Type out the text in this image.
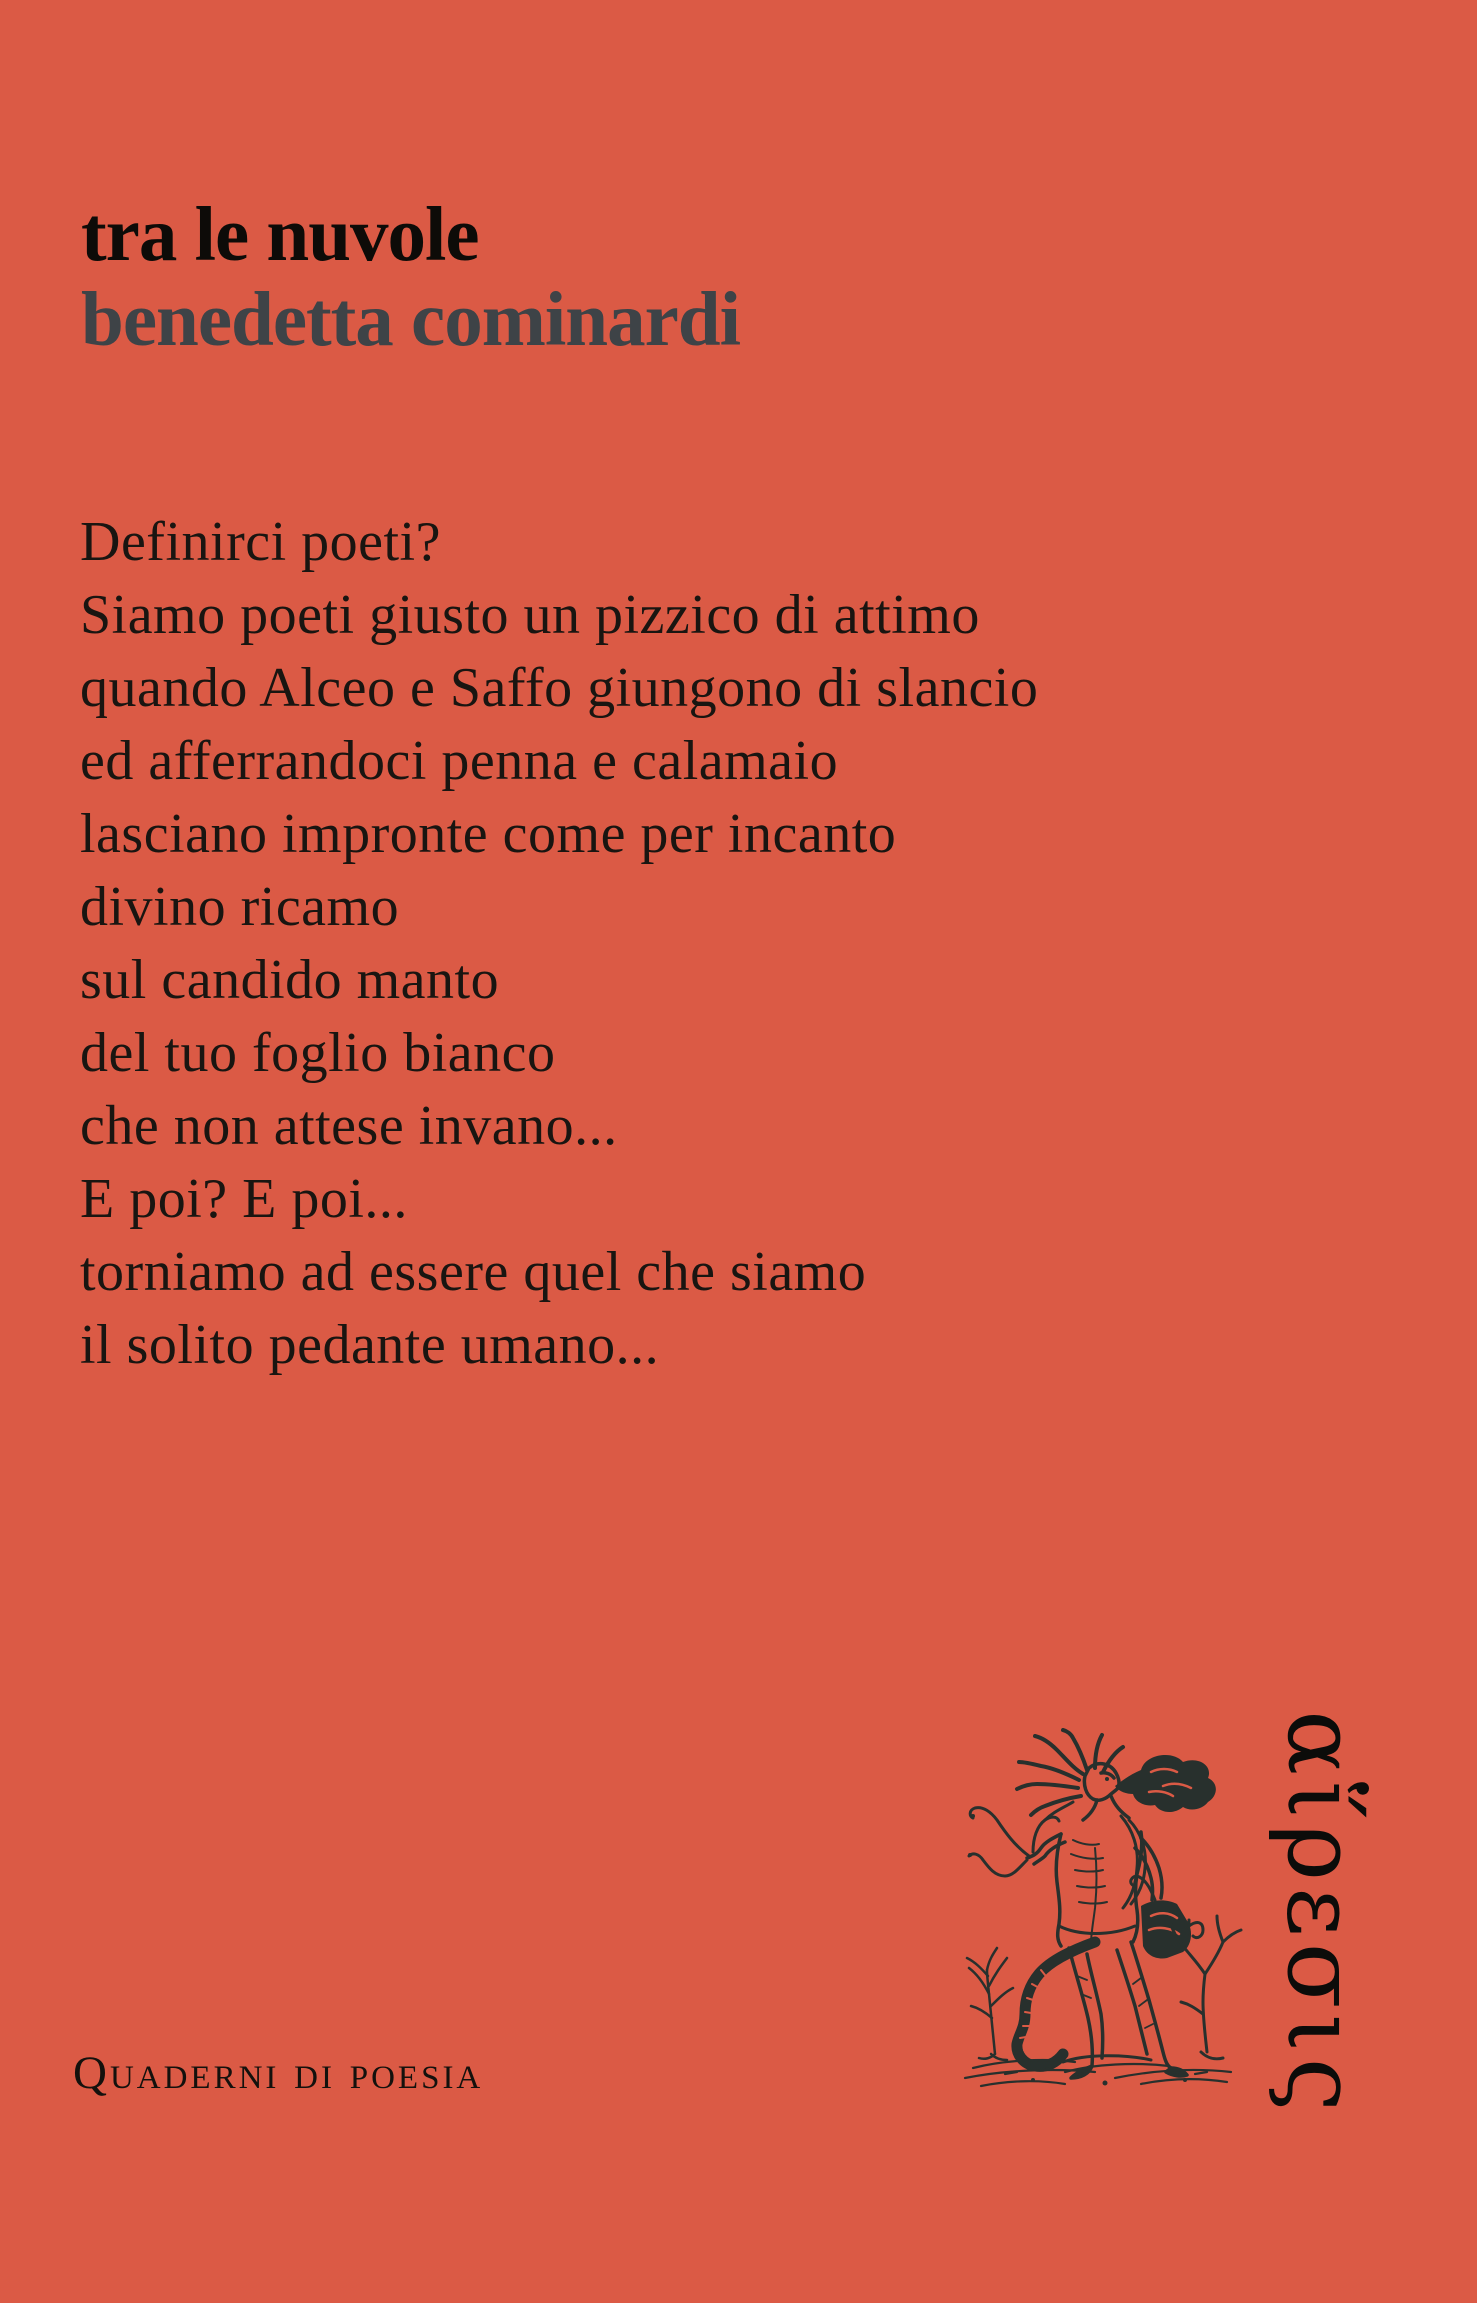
tra le nuvole
benedetta cominardi
Definirci poeti?
Siamo poeti giusto un pizzico di attimo
quando Alceo e Saffo giungono di slancio
ed afferrandoci penna e calamaio
lasciano impronte come per incanto
divino ricamo
sul candido manto
del tuo foglio bianco
che non attese invano...
E poi? E poi...
torniamo ad essere quel che siamo
il solito pedante umano...
Quaderni di poesia	αἵρεσις
